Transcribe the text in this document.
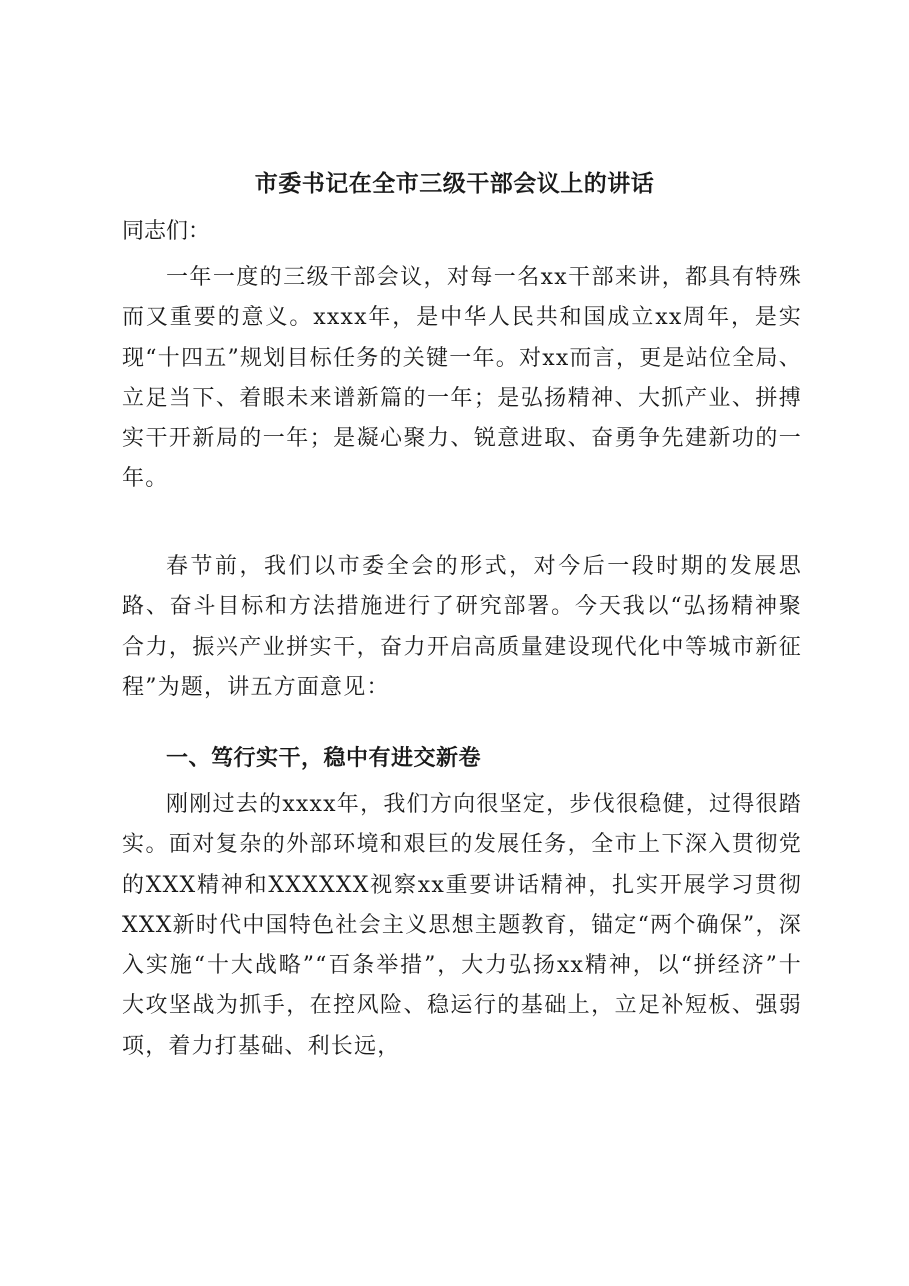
市委书记在全市三级干部会议上的讲话

同志们：

一年一度的三级干部会议，对每一名xx干部来讲，都具有特殊而又重要的意义。xxxx年，是中华人民共和国成立xx周年，是实现“十四五”规划目标任务的关键一年。对xx而言，更是站位全局、立足当下、着眼未来谱新篇的一年；是弘扬精神、大抓产业、拼搏实干开新局的一年；是凝心聚力、锐意进取、奋勇争先建新功的一年。

春节前，我们以市委全会的形式，对今后一段时期的发展思路、奋斗目标和方法措施进行了研究部署。今天我以“弘扬精神聚合力，振兴产业拼实干，奋力开启高质量建设现代化中等城市新征程”为题，讲五方面意见：

一、笃行实干，稳中有进交新卷

刚刚过去的xxxx年，我们方向很坚定，步伐很稳健，过得很踏实。面对复杂的外部环境和艰巨的发展任务，全市上下深入贯彻党的XXX精神和XXXXXX视察xx重要讲话精神，扎实开展学习贯彻XXX新时代中国特色社会主义思想主题教育，锚定“两个确保”，深入实施“十大战略”“百条举措”，大力弘扬xx精神，以“拼经济”十大攻坚战为抓手，在控风险、稳运行的基础上，立足补短板、强弱项，着力打基础、利长远，
